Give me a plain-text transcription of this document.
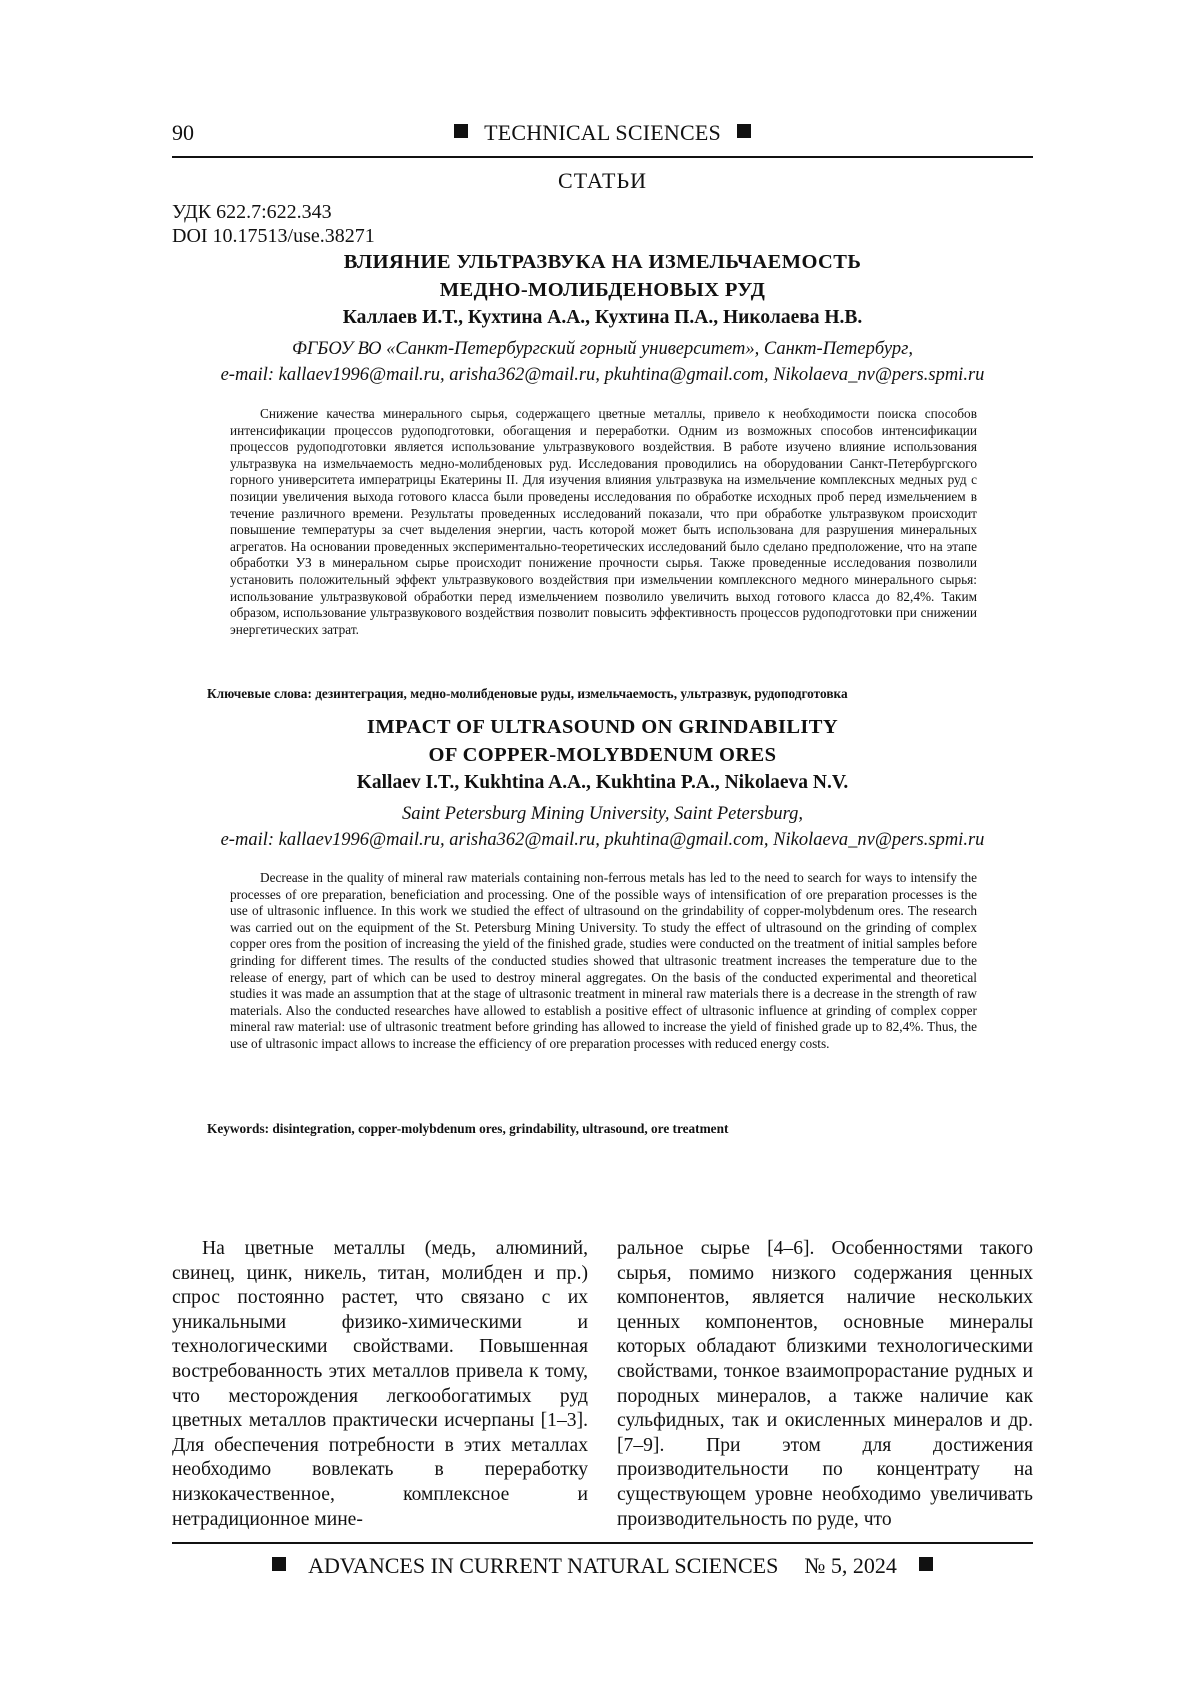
90	TECHNICAL SCIENCES
СТАТЬИ
УДК 622.7:622.343
DOI 10.17513/use.38271
ВЛИЯНИЕ УЛЬТРАЗВУКА НА ИЗМЕЛЬЧАЕМОСТЬ
МЕДНО-МОЛИБДЕНОВЫХ РУД
Каллаев И.Т., Кухтина А.А., Кухтина П.А., Николаева Н.В.
ФГБОУ ВО «Санкт-Петербургский горный университет», Санкт-Петербург,
e-mail: kallaev1996@mail.ru, arisha362@mail.ru, pkuhtina@gmail.com, Nikolaeva_nv@pers.spmi.ru

Снижение качества минерального сырья, содержащего цветные металлы, привело к необходимости поиска способов интенсификации процессов рудоподготовки, обогащения и переработки. Одним из возможных способов интенсификации процессов рудоподготовки является использование ультразвукового воздействия. В работе изучено влияние использования ультразвука на измельчаемость медно-молибденовых руд. Исследования проводились на оборудовании Санкт-Петербургского горного университета императрицы Екатерины II. Для изучения влияния ультразвука на измельчение комплексных медных руд с позиции увеличения выхода готового класса были проведены исследования по обработке исходных проб перед измельчением в течение различного времени. Результаты проведенных исследований показали, что при обработке ультразвуком происходит повышение температуры за счет выделения энергии, часть которой может быть использована для разрушения минеральных агрегатов. На основании проведенных экспериментально-теоретических исследований было сделано предположение, что на этапе обработки УЗ в минеральном сырье происходит понижение прочности сырья. Также проведенные исследования позволили установить положительный эффект ультразвукового воздействия при измельчении комплексного медного минерального сырья: использование ультразвуковой обработки перед измельчением позволило увеличить выход готового класса до 82,4%. Таким образом, использование ультразвукового воздействия позволит повысить эффективность процессов рудоподготовки при снижении энергетических затрат.

Ключевые слова: дезинтеграция, медно-молибденовые руды, измельчаемость, ультразвук, рудоподготовка
IMPACT OF ULTRASOUND ON GRINDABILITY
OF COPPER-MOLYBDENUM ORES
Kallaev I.T., Kukhtina A.A., Kukhtina P.A., Nikolaeva N.V.
Saint Petersburg Mining University, Saint Petersburg,
e-mail: kallaev1996@mail.ru, arisha362@mail.ru, pkuhtina@gmail.com, Nikolaeva_nv@pers.spmi.ru

Decrease in the quality of mineral raw materials containing non-ferrous metals has led to the need to search for ways to intensify the processes of ore preparation, beneficiation and processing. One of the possible ways of intensification of ore preparation processes is the use of ultrasonic influence. In this work we studied the effect of ultrasound on the grindability of copper-molybdenum ores. The research was carried out on the equipment of the St. Petersburg Mining University. To study the effect of ultrasound on the grinding of complex copper ores from the position of increasing the yield of the finished grade, studies were conducted on the treatment of initial samples before grinding for different times. The results of the conducted studies showed that ultrasonic treatment increases the temperature due to the release of energy, part of which can be used to destroy mineral aggregates. On the basis of the conducted experimental and theoretical studies it was made an assumption that at the stage of ultrasonic treatment in mineral raw materials there is a decrease in the strength of raw materials. Also the conducted researches have allowed to establish a positive effect of ultrasonic influence at grinding of complex copper mineral raw material: use of ultrasonic treatment before grinding has allowed to increase the yield of finished grade up to 82,4%. Thus, the use of ultrasonic impact allows to increase the efficiency of ore preparation processes with reduced energy costs.

Keywords: disintegration, copper-molybdenum ores, grindability, ultrasound, ore treatment

На цветные металлы (медь, алюминий, свинец, цинк, никель, титан, молибден и пр.) спрос постоянно растет, что связано с их уникальными физико-химическими и технологическими свойствами. Повышенная востребованность этих металлов привела к тому, что месторождения легкообогатимых руд цветных металлов практически исчерпаны [1–3]. Для обеспечения потребности в этих металлах необходимо вовлекать в переработку низкокачественное, комплексное и нетрадиционное мине-

ральное сырье [4–6]. Особенностями такого сырья, помимо низкого содержания ценных компонентов, является наличие нескольких ценных компонентов, основные минералы которых обладают близкими технологическими свойствами, тонкое взаимопрорастание рудных и породных минералов, а также наличие как сульфидных, так и окисленных минералов и др. [7–9]. При этом для достижения производительности по концентрату на существующем уровне необходимо увеличивать производительность по руде, что

ADVANCES IN CURRENT NATURAL SCIENCES № 5, 2024
